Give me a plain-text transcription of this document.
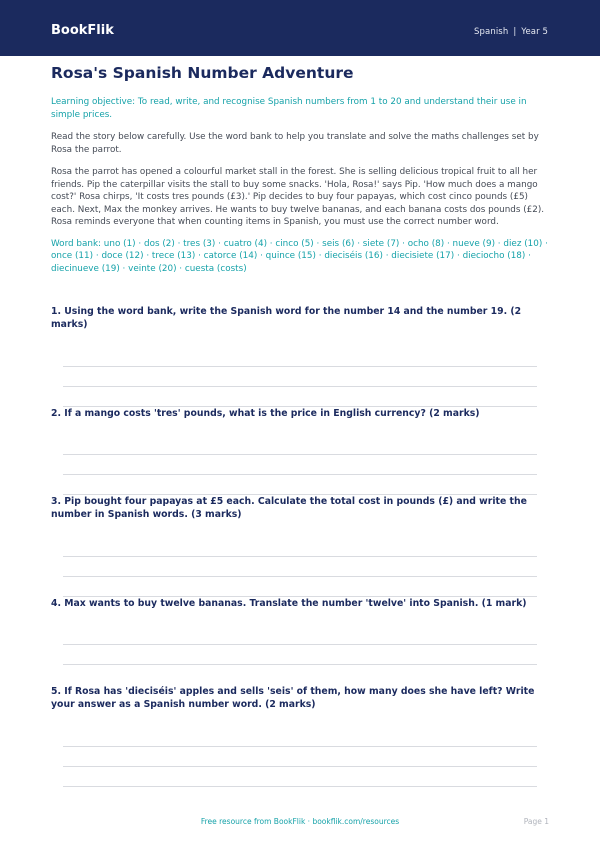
BookFlik	Spanish | Year 5
Rosa's Spanish Number Adventure

Learning objective: To read, write, and recognise Spanish numbers from 1 to 20 and understand their use in simple prices.

Read the story below carefully. Use the word bank to help you translate and solve the maths challenges set by Rosa the parrot.

Rosa the parrot has opened a colourful market stall in the forest. She is selling delicious tropical fruit to all her friends. Pip the caterpillar visits the stall to buy some snacks. 'Hola, Rosa!' says Pip. 'How much does a mango cost?' Rosa chirps, 'It costs tres pounds (£3).' Pip decides to buy four papayas, which cost cinco pounds (£5) each. Next, Max the monkey arrives. He wants to buy twelve bananas, and each banana costs dos pounds (£2). Rosa reminds everyone that when counting items in Spanish, you must use the correct number word.

Word bank: uno (1) · dos (2) · tres (3) · cuatro (4) · cinco (5) · seis (6) · siete (7) · ocho (8) · nueve (9) · diez (10) · once (11) · doce (12) · trece (13) · catorce (14) · quince (15) · dieciséis (16) · diecisiete (17) · dieciocho (18) · diecinueve (19) · veinte (20) · cuesta (costs)

1. Using the word bank, write the Spanish word for the number 14 and the number 19. (2 marks)

2. If a mango costs 'tres' pounds, what is the price in English currency? (2 marks)

3. Pip bought four papayas at £5 each. Calculate the total cost in pounds (£) and write the number in Spanish words. (3 marks)

4. Max wants to buy twelve bananas. Translate the number 'twelve' into Spanish. (1 mark)

5. If Rosa has 'dieciséis' apples and sells 'seis' of them, how many does she have left? Write your answer as a Spanish number word. (2 marks)

Free resource from BookFlik · bookflik.com/resources	Page 1
